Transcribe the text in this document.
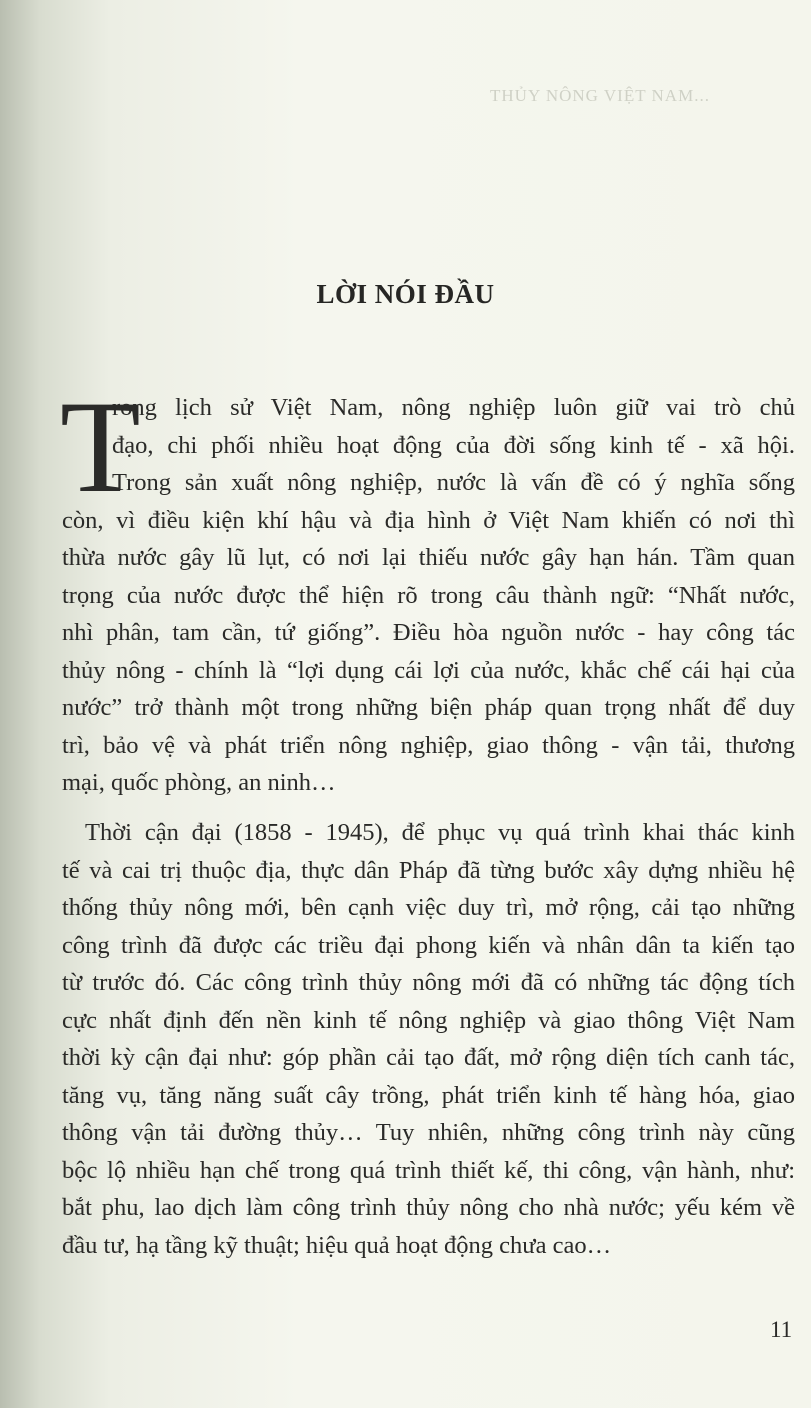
THỦY NÔNG VIỆT NAM...
LỜI NÓI ĐẦU
T
rong lịch sử Việt Nam, nông nghiệp luôn giữ vai trò chủ
đạo, chi phối nhiều hoạt động của đời sống kinh tế - xã hội.
Trong sản xuất nông nghiệp, nước là vấn đề có ý nghĩa sống
còn, vì điều kiện khí hậu và địa hình ở Việt Nam khiến có nơi thì
thừa nước gây lũ lụt, có nơi lại thiếu nước gây hạn hán. Tầm quan
trọng của nước được thể hiện rõ trong câu thành ngữ: “Nhất nước,
nhì phân, tam cần, tứ giống”. Điều hòa nguồn nước - hay công tác
thủy nông - chính là “lợi dụng cái lợi của nước, khắc chế cái hại của
nước” trở thành một trong những biện pháp quan trọng nhất để duy
trì, bảo vệ và phát triển nông nghiệp, giao thông - vận tải, thương
mại, quốc phòng, an ninh…
Thời cận đại (1858 - 1945), để phục vụ quá trình khai thác kinh
tế và cai trị thuộc địa, thực dân Pháp đã từng bước xây dựng nhiều hệ
thống thủy nông mới, bên cạnh việc duy trì, mở rộng, cải tạo những
công trình đã được các triều đại phong kiến và nhân dân ta kiến tạo
từ trước đó. Các công trình thủy nông mới đã có những tác động tích
cực nhất định đến nền kinh tế nông nghiệp và giao thông Việt Nam
thời kỳ cận đại như: góp phần cải tạo đất, mở rộng diện tích canh tác,
tăng vụ, tăng năng suất cây trồng, phát triển kinh tế hàng hóa, giao
thông vận tải đường thủy… Tuy nhiên, những công trình này cũng
bộc lộ nhiều hạn chế trong quá trình thiết kế, thi công, vận hành, như:
bắt phu, lao dịch làm công trình thủy nông cho nhà nước; yếu kém về
đầu tư, hạ tầng kỹ thuật; hiệu quả hoạt động chưa cao…
11
